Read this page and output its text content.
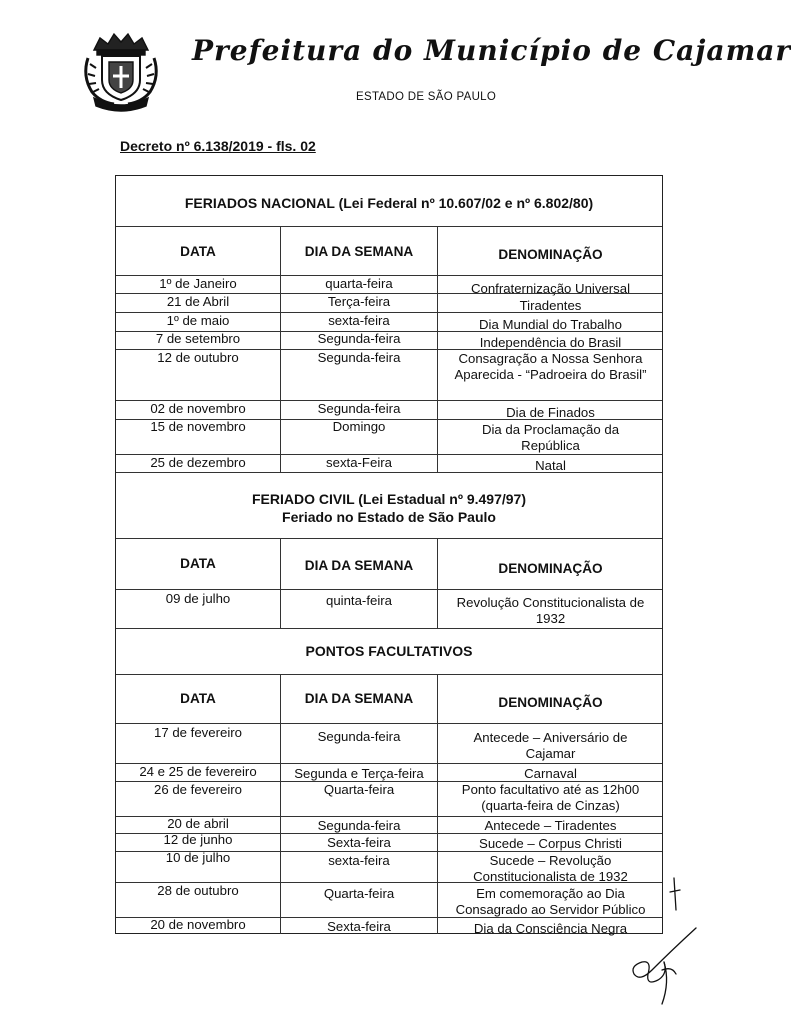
Prefeitura do Município de Cajamar
ESTADO DE SÃO PAULO
Decreto nº 6.138/2019 - fls. 02
FERIADOS NACIONAL (Lei Federal nº 10.607/02 e nº 6.802/80)
DATA	DIA DA SEMANA	DENOMINAÇÃO
1º de Janeiro	quarta-feira	Confraternização Universal
21 de Abril	Terça-feira	Tiradentes
1º de maio	sexta-feira	Dia Mundial do Trabalho
7 de setembro	Segunda-feira	Independência do Brasil
12 de outubro	Segunda-feira	Consagração a Nossa Senhora Aparecida - “Padroeira do Brasil”
02 de novembro	Segunda-feira	Dia de Finados
15 de novembro	Domingo	Dia da Proclamação da República
25 de dezembro	sexta-Feira	Natal
FERIADO CIVIL (Lei Estadual nº 9.497/97)
Feriado no Estado de São Paulo
DATA	DIA DA SEMANA	DENOMINAÇÃO
09 de julho	quinta-feira	Revolução Constitucionalista de 1932
PONTOS FACULTATIVOS
DATA	DIA DA SEMANA	DENOMINAÇÃO
17 de fevereiro	Segunda-feira	Antecede – Aniversário de Cajamar
24 e 25 de fevereiro	Segunda e Terça-feira	Carnaval
26 de fevereiro	Quarta-feira	Ponto facultativo até as 12h00 (quarta-feira de Cinzas)
20 de abril	Segunda-feira	Antecede – Tiradentes
12 de junho	Sexta-feira	Sucede – Corpus Christi
10 de julho	sexta-feira	Sucede – Revolução Constitucionalista de 1932
28 de outubro	Quarta-feira	Em comemoração ao Dia Consagrado ao Servidor Público
20 de novembro	Sexta-feira	Dia da Consciência Negra
